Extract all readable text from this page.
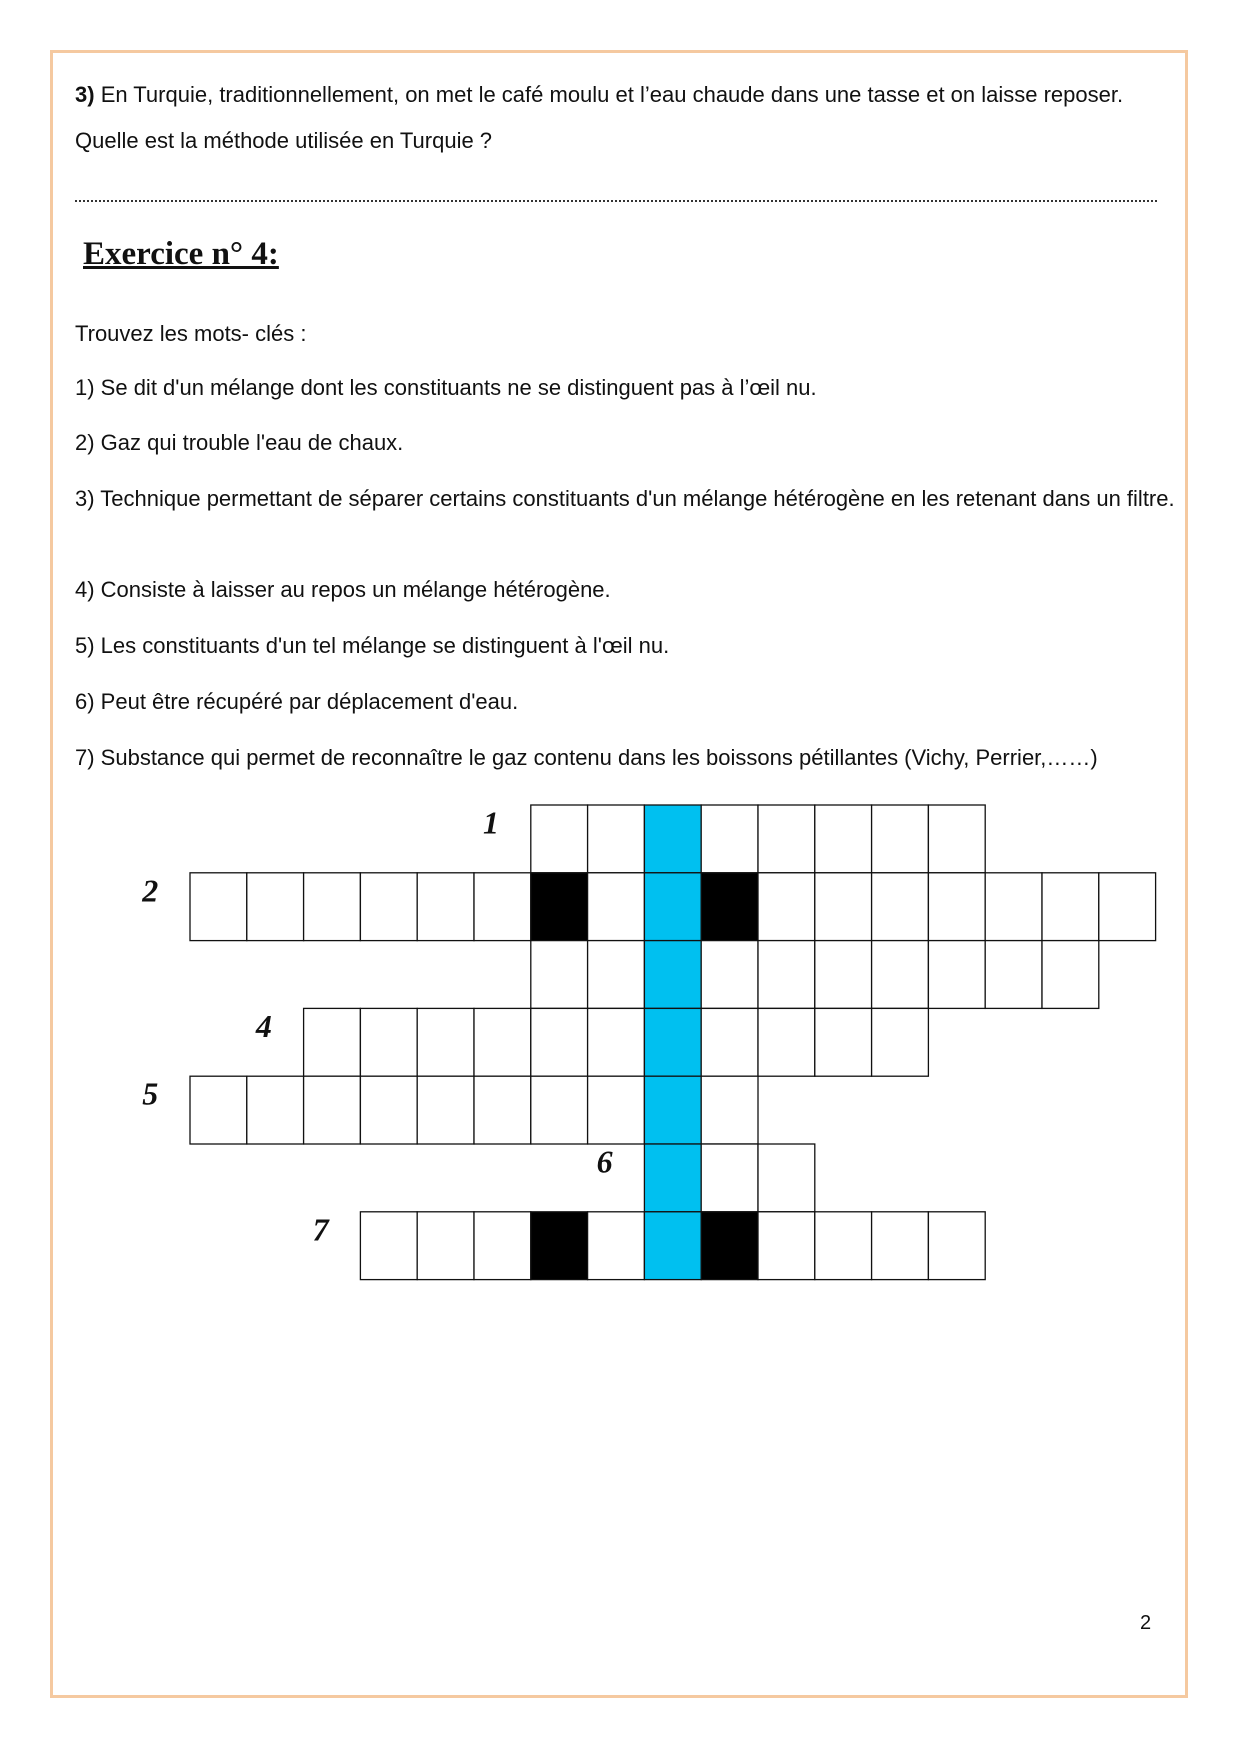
3) En Turquie, traditionnellement, on met le café moulu et l’eau chaude dans une tasse et on laisse reposer. Quelle est la méthode utilisée en Turquie ?
Exercice n° 4:
Trouvez les mots- clés :
1) Se dit d'un mélange dont les constituants ne se distinguent pas à l’œil nu.
2) Gaz qui trouble l'eau de chaux.
3) Technique permettant de séparer certains constituants d'un mélange hétérogène en les retenant dans un filtre.
4) Consiste à laisser au repos un mélange hétérogène.
5) Les constituants d'un tel mélange se distinguent à l'œil nu.
6) Peut être récupéré par déplacement d'eau.
7) Substance qui permet de reconnaître le gaz contenu dans les boissons pétillantes (Vichy, Perrier,……)
1
2
4
5
6
7
2
